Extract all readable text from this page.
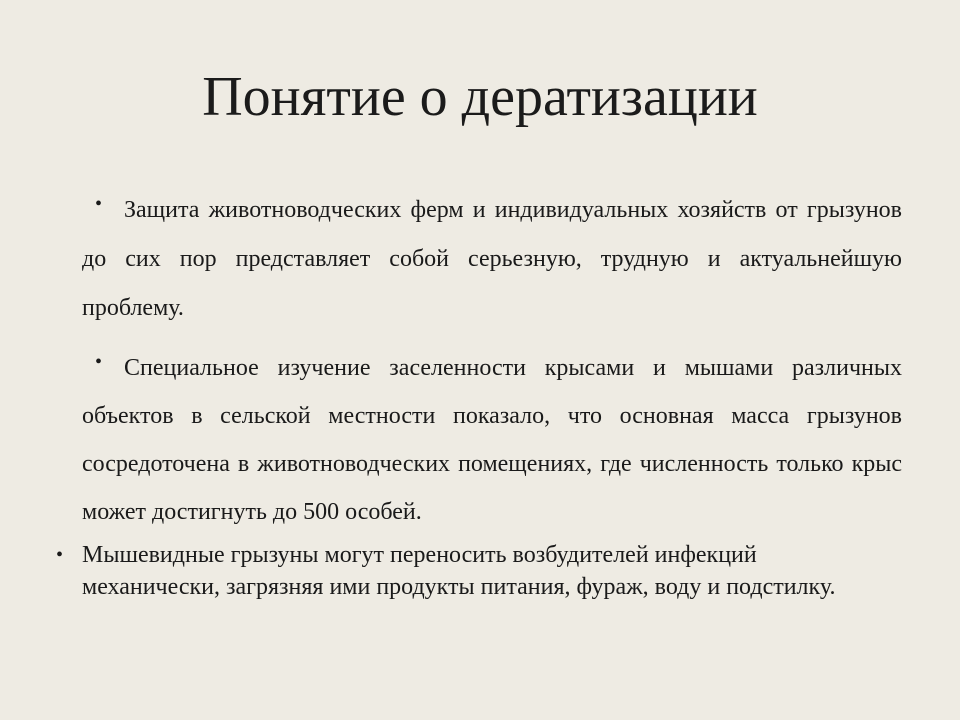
Понятие о дератизации
• Защита животноводческих ферм и индивидуальных хозяйств от грызунов до сих пор представляет собой серьезную, трудную и актуальнейшую проблему.
• Специальное изучение заселенности крысами и мышами различных объектов в сельской местности показало, что основная масса грызунов сосредоточена в животноводческих помещениях, где численность только крыс может достигнуть до 500 особей.
• Мышевидные грызуны могут переносить возбудителей инфекций механически, загрязняя ими продукты питания, фураж, воду и подстилку.
